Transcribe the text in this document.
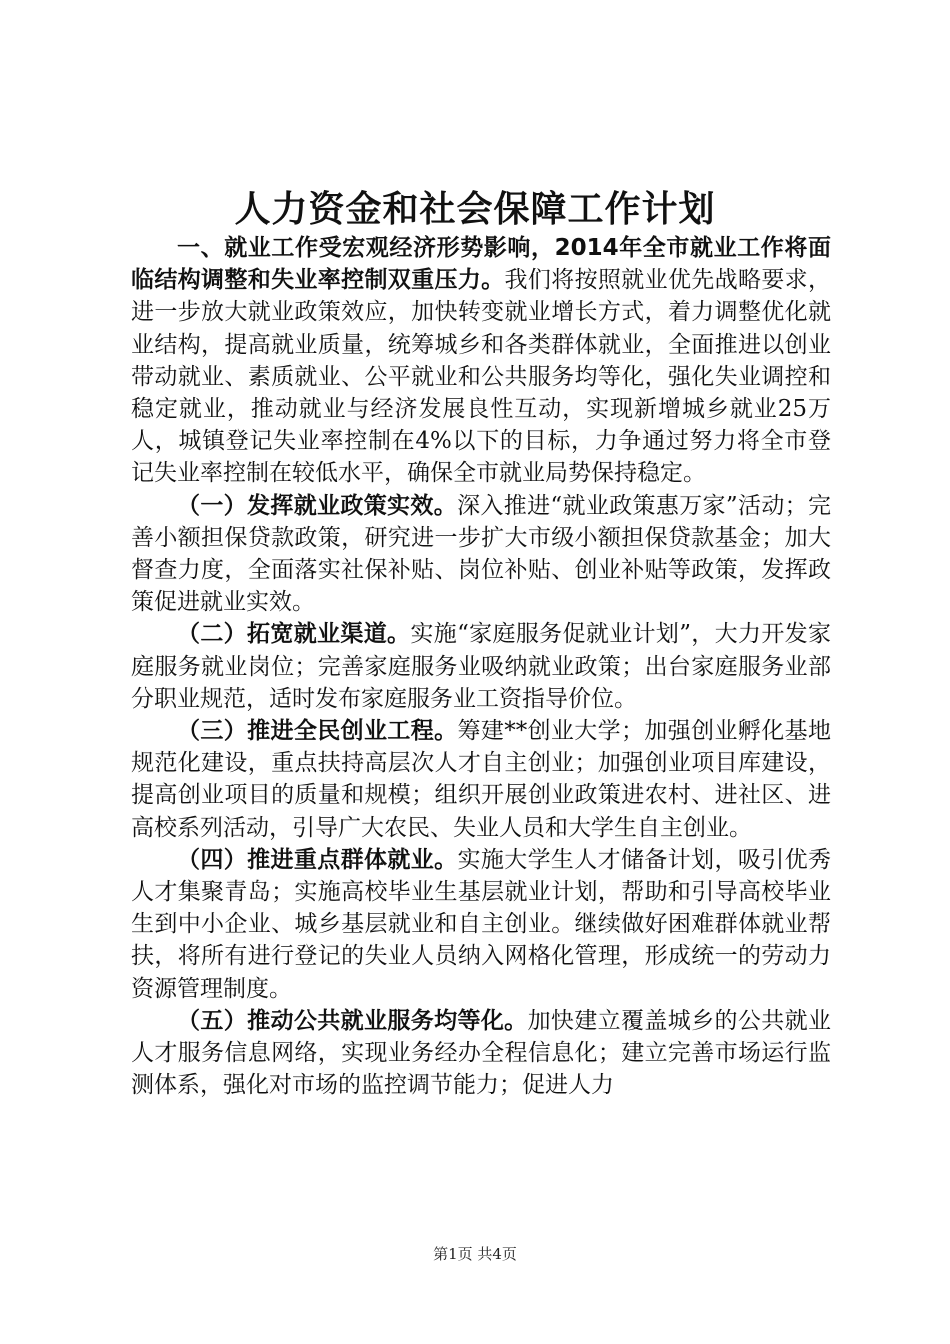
人力资金和社会保障工作计划

一、就业工作受宏观经济形势影响，2014年全市就业工作将面临结构调整和失业率控制双重压力。我们将按照就业优先战略要求，进一步放大就业政策效应，加快转变就业增长方式，着力调整优化就业结构，提高就业质量，统筹城乡和各类群体就业，全面推进以创业带动就业、素质就业、公平就业和公共服务均等化，强化失业调控和稳定就业，推动就业与经济发展良性互动，实现新增城乡就业25万人，城镇登记失业率控制在4%以下的目标，力争通过努力将全市登记失业率控制在较低水平，确保全市就业局势保持稳定。

（一）发挥就业政策实效。深入推进“就业政策惠万家”活动；完善小额担保贷款政策，研究进一步扩大市级小额担保贷款基金；加大督查力度，全面落实社保补贴、岗位补贴、创业补贴等政策，发挥政策促进就业实效。

（二）拓宽就业渠道。实施“家庭服务促就业计划”，大力开发家庭服务就业岗位；完善家庭服务业吸纳就业政策；出台家庭服务业部分职业规范，适时发布家庭服务业工资指导价位。

（三）推进全民创业工程。筹建**创业大学；加强创业孵化基地规范化建设，重点扶持高层次人才自主创业；加强创业项目库建设，提高创业项目的质量和规模；组织开展创业政策进农村、进社区、进高校系列活动，引导广大农民、失业人员和大学生自主创业。

（四）推进重点群体就业。实施大学生人才储备计划，吸引优秀人才集聚青岛；实施高校毕业生基层就业计划，帮助和引导高校毕业生到中小企业、城乡基层就业和自主创业。继续做好困难群体就业帮扶，将所有进行登记的失业人员纳入网格化管理，形成统一的劳动力资源管理制度。

（五）推动公共就业服务均等化。加快建立覆盖城乡的公共就业人才服务信息网络，实现业务经办全程信息化；建立完善市场运行监测体系，强化对市场的监控调节能力；促进人力

第1页 共4页
